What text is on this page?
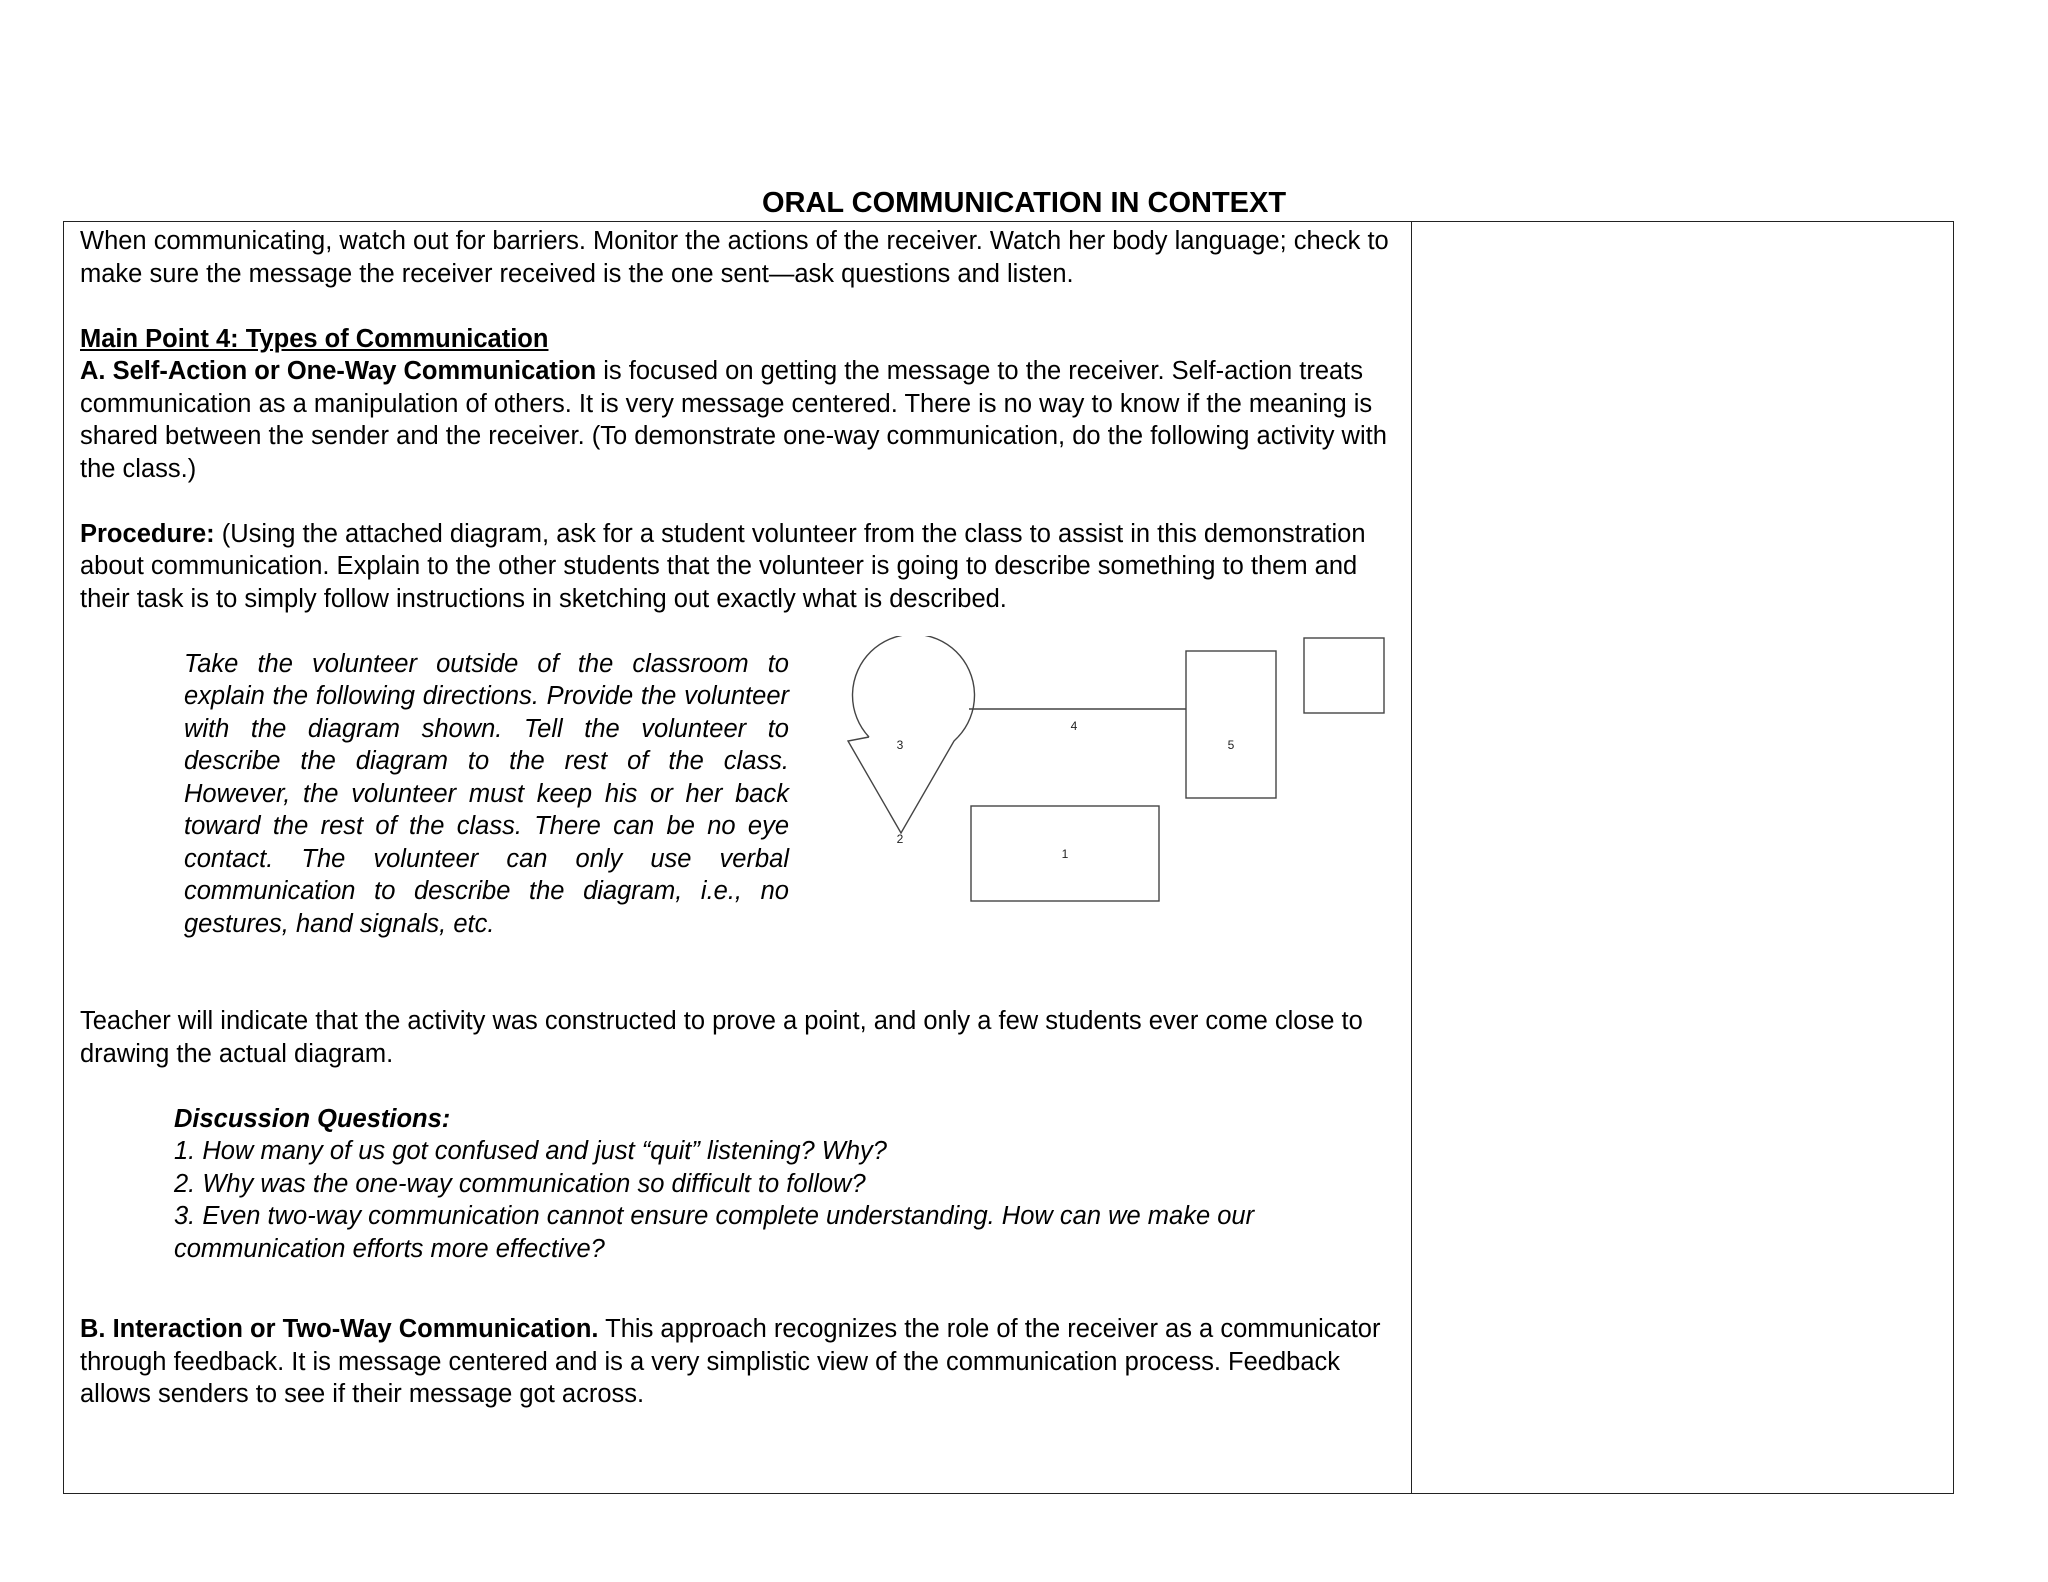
ORAL COMMUNICATION IN CONTEXT

When communicating, watch out for barriers. Monitor the actions of the receiver. Watch her body language; check to make sure the message the receiver received is the one sent—ask questions and listen.

Main Point 4: Types of Communication
A. Self-Action or One-Way Communication is focused on getting the message to the receiver. Self-action treats communication as a manipulation of others. It is very message centered. There is no way to know if the meaning is shared between the sender and the receiver. (To demonstrate one-way communication, do the following activity with the class.)

Procedure: (Using the attached diagram, ask for a student volunteer from the class to assist in this demonstration about communication. Explain to the other students that the volunteer is going to describe something to them and their task is to simply follow instructions in sketching out exactly what is described.

Take the volunteer outside of the classroom to explain the following directions. Provide the volunteer with the diagram shown. Tell the volunteer to describe the diagram to the rest of the class. However, the volunteer must keep his or her back toward the rest of the class. There can be no eye contact. The volunteer can only use verbal communication to describe the diagram, i.e., no gestures, hand signals, etc.

3
2
4
5
1

Teacher will indicate that the activity was constructed to prove a point, and only a few students ever come close to drawing the actual diagram.

Discussion Questions:

1. How many of us got confused and just “quit” listening? Why?

2. Why was the one-way communication so difficult to follow?

3. Even two-way communication cannot ensure complete understanding. How can we make our communication efforts more effective?

B. Interaction or Two-Way Communication. This approach recognizes the role of the receiver as a communicator through feedback. It is message centered and is a very simplistic view of the communication process. Feedback allows senders to see if their message got across.
